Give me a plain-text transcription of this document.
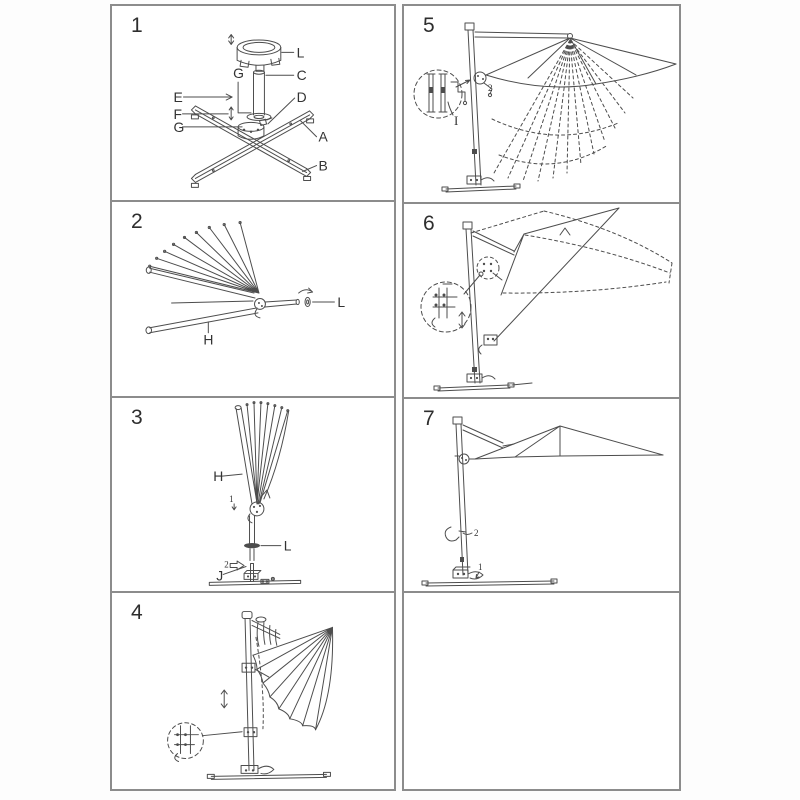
1
L
C
G
E	D
F
G
A
B
2
L
H
3
H
1
L
2
J
4
5
2
I
6
7
2
1
